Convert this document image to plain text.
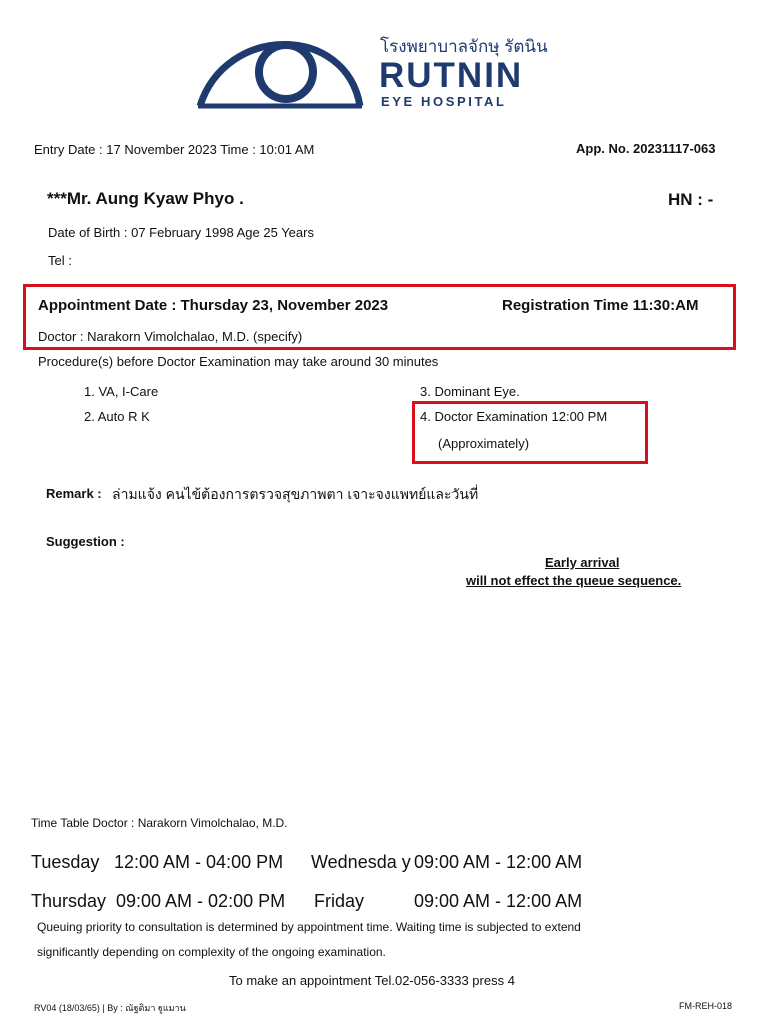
โรงพยาบาลจักษุ รัตนิน
RUTNIN
EYE HOSPITAL
Entry Date : 17 November 2023 Time : 10:01 AM	App. No. 20231117-063
***Mr. Aung Kyaw Phyo .	HN : -
Date of Birth : 07 February 1998 Age 25 Years
Tel :
Appointment Date : Thursday 23, November 2023	Registration Time 11:30:AM
Doctor : Narakorn Vimolchalao, M.D. (specify)
Procedure(s) before Doctor Examination may take around 30 minutes
1. VA, I-Care
2. Auto R K
3. Dominant Eye.
4. Doctor Examination 12:00 PM
(Approximately)
Remark : ล่ามแจ้ง คนไข้ต้องการตรวจสุขภาพตา เจาะจงแพทย์และวันที่
Suggestion :
Early arrival
will not effect the queue sequence.
Time Table Doctor : Narakorn Vimolchalao, M.D.
Tuesday 12:00 AM - 04:00 PM Wednesda y 09:00 AM - 12:00 AM
Thursday 09:00 AM - 02:00 PM Friday	09:00 AM - 12:00 AM
Queuing priority to consultation is determined by appointment time. Waiting time is subjected to extend
significantly depending on complexity of the ongoing examination.
To make an appointment Tel.02-056-3333 press 4
RV04 (18/03/65) | By : ณัฐติมา ฐูแมาน	FM-REH-018
